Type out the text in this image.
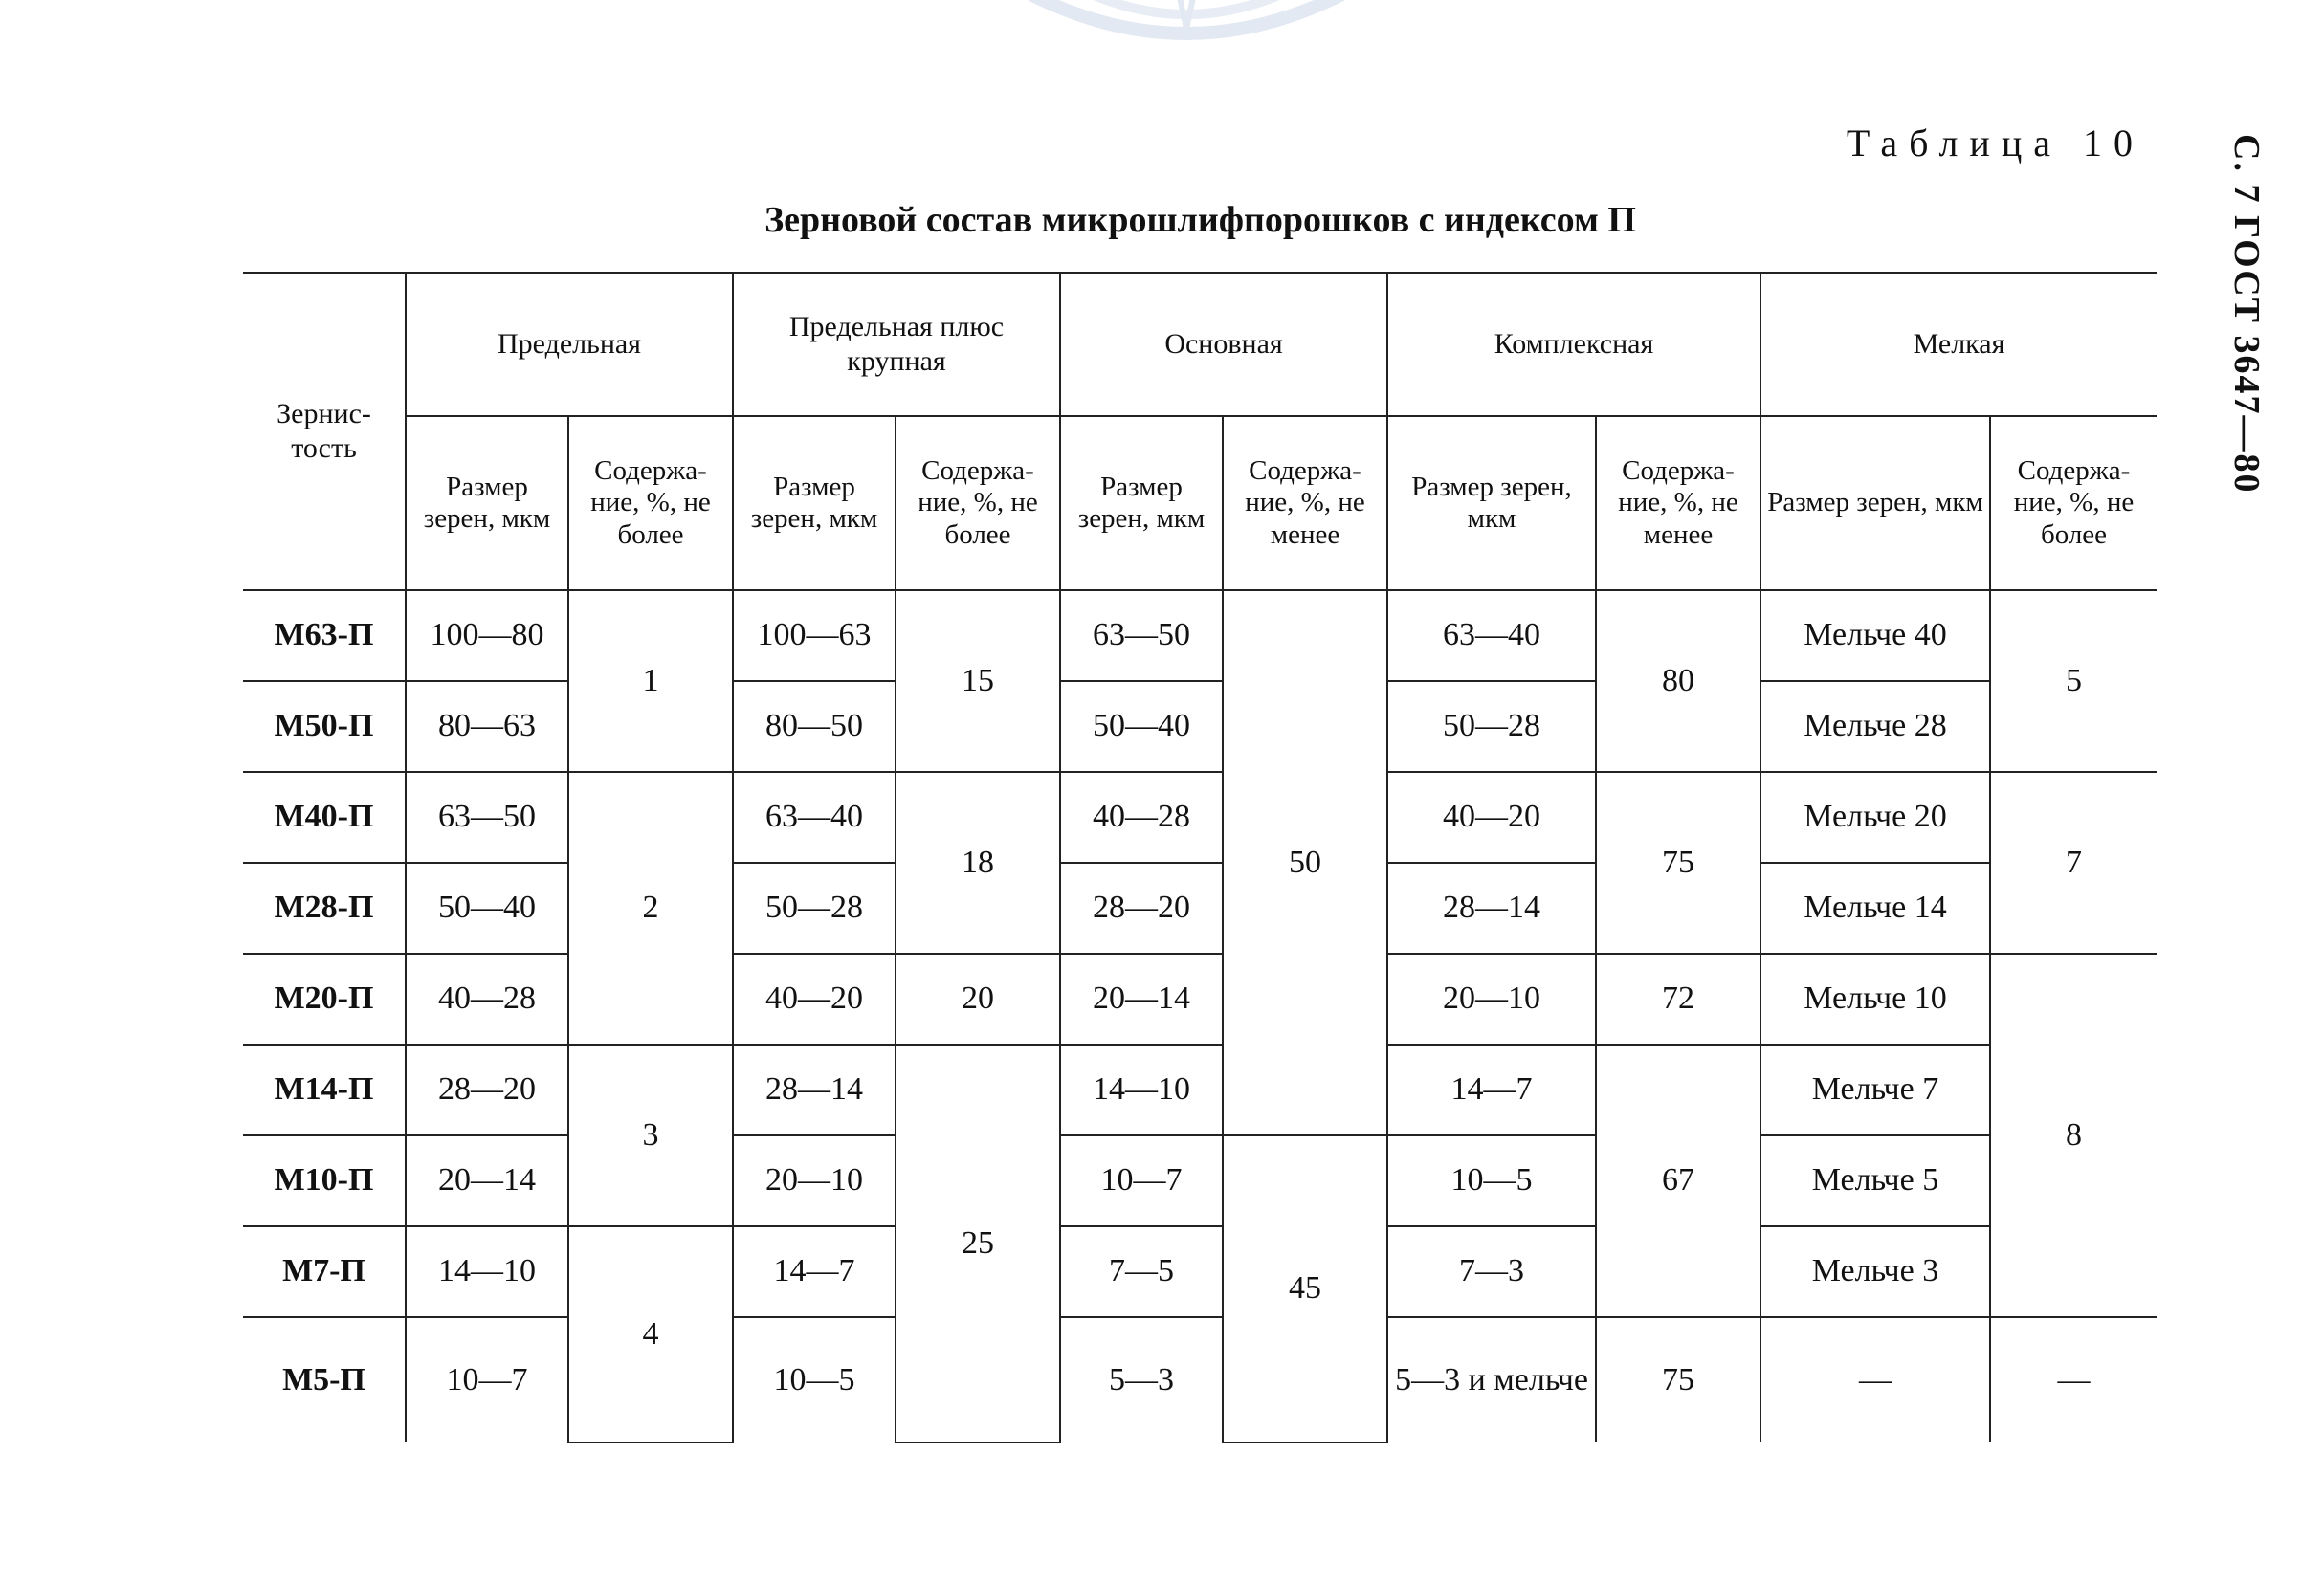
Таблица 10	С. 7 ГОСТ 3647—80
Зерновой состав микрошлифпорошков с индексом П
Зернис-тость	Предельная		Предельная плюс крупная		Основная		Комплексная		Мелкая	
	Размер зерен, мкм	Содержа-ние, %, не более	Размер зерен, мкм	Содержа-ние, %, не более	Размер зерен, мкм	Содержа-ние, %, не менее	Размер зерен, мкм	Содержа-ние, %, не менее	Размер зерен, мкм	Содержа-ние, %, не более
М63-П	100—80	1	100—63	15	63—50	50	63—40	80	Мельче 40	5
М50-П	80—63		80—50		50—40		50—28		Мельче 28	
М40-П	63—50	2	63—40	18	40—28		40—20	75	Мельче 20	7
М28-П	50—40		50—28		28—20		28—14		Мельче 14	
М20-П	40—28		40—20	20	20—14		20—10	72	Мельче 10	8
М14-П	28—20	3	28—14	25	14—10		14—7	67	Мельче 7	
М10-П	20—14		20—10		10—7	45	10—5		Мельче 5	
М7-П	14—10	4	14—7		7—5		7—3		Мельче 3	
М5-П	10—7		10—5		5—3		5—3 и мельче	75	—	—
